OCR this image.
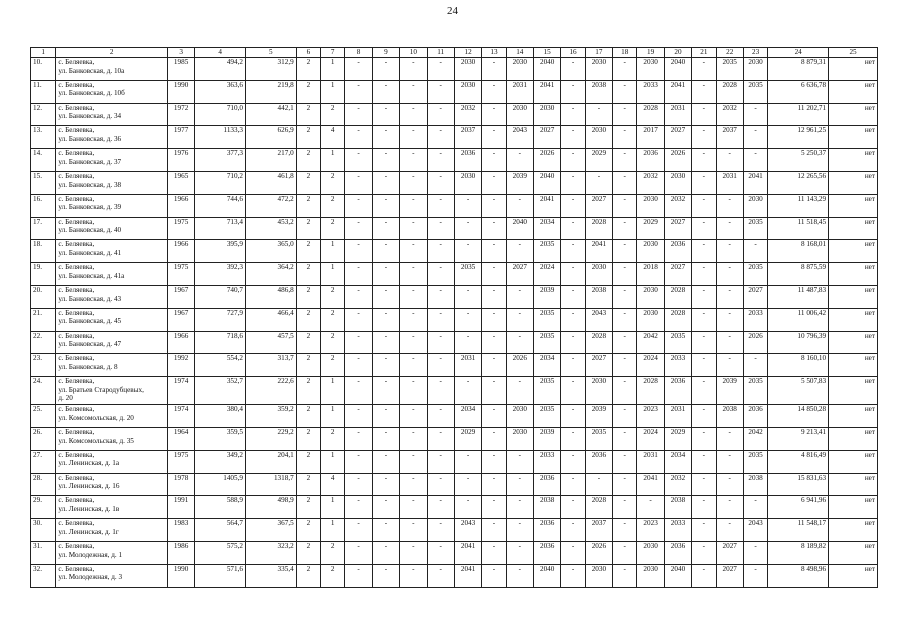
24
1	2	3	4	5	6	7	8	9	10	11	12	13	14	15	16	17	18	19	20	21	22	23	24	25
10.	с. Беляевка,
ул. Банковская, д. 10а	1985	494,2	312,9	2	1	-	-	-	-	2030	-	2030	2040	-	2030	-	2030	2040	-	2035	2030	8 879,31	нет
11.	с. Беляевка,
ул. Банковская, д. 10б	1990	363,6	219,8	2	1	-	-	-	-	2030	-	2031	2041	-	2038	-	2033	2041	-	2028	2035	6 636,78	нет
12.	с. Беляевка,
ул. Банковская, д. 34	1972	710,0	442,1	2	2	-	-	-	-	2032	-	2030	2030	-	-	-	2028	2031	-	2032	-	11 202,71	нет
13.	с. Беляевка,
ул. Банковская, д. 36	1977	1133,3	626,9	2	4	-	-	-	-	2037	-	2043	2027	-	2030	-	2017	2027	-	2037	-	12 961,25	нет
14.	с. Беляевка,
ул. Банковская, д. 37	1976	377,3	217,0	2	1	-	-	-	-	2036	-	-	2026	-	2029	-	2036	2026	-	-	-	5 250,37	нет
15.	с. Беляевка,
ул. Банковская, д. 38	1965	710,2	461,8	2	2	-	-	-	-	2030	-	2039	2040	-	-	-	2032	2030	-	2031	2041	12 265,56	нет
16.	с. Беляевка,
ул. Банковская, д. 39	1966	744,6	472,2	2	2	-	-	-	-	-	-	-	2041	-	2027	-	2030	2032	-	-	2030	11 143,29	нет
17.	с. Беляевка,
ул. Банковская, д. 40	1975	713,4	453,2	2	2	-	-	-	-	-	-	2040	2034	-	2028	-	2029	2027	-	-	2035	11 518,45	нет
18.	с. Беляевка,
ул. Банковская, д. 41	1966	395,9	365,0	2	1	-	-	-	-	-	-	-	2035	-	2041	-	2030	2036	-	-	-	8 168,01	нет
19.	с. Беляевка,
ул. Банковская, д. 41а	1975	392,3	364,2	2	1	-	-	-	-	2035	-	2027	2024	-	2030	-	2018	2027	-	-	2035	8 875,59	нет
20.	с. Беляевка,
ул. Банковская, д. 43	1967	740,7	486,8	2	2	-	-	-	-	-	-	-	2039	-	2038	-	2030	2028	-	-	2027	11 487,83	нет
21.	с. Беляевка,
ул. Банковская, д. 45	1967	727,9	466,4	2	2	-	-	-	-	-	-	-	2035	-	2043	-	2030	2028	-	-	2033	11 006,42	нет
22.	с. Беляевка,
ул. Банковская, д. 47	1966	718,6	457,5	2	2	-	-	-	-	-	-	-	2035	-	2028	-	2042	2035	-	-	2026	10 796,39	нет
23.	с. Беляевка,
ул. Банковская, д. 8	1992	554,2	313,7	2	2	-	-	-	-	2031	-	2026	2034	-	2027	-	2024	2033	-	-	-	8 160,10	нет
24.	с. Беляевка,
ул. Братьев Стародубцевых,
д. 20	1974	352,7	222,6	2	1	-	-	-	-	-	-	-	2035	-	2030	-	2028	2036	-	2039	2035	5 507,83	нет
25.	с. Беляевка,
ул. Комсомольская, д. 20	1974	380,4	359,2	2	1	-	-	-	-	2034	-	2030	2035	-	2039	-	2023	2031	-	2038	2036	14 850,28	нет
26.	с. Беляевка,
ул. Комсомольская, д. 35	1964	359,5	229,2	2	2	-	-	-	-	2029	-	2030	2039	-	2035	-	2024	2029	-	-	2042	9 213,41	нет
27.	с. Беляевка,
ул. Ленинская, д. 1а	1975	349,2	204,1	2	1	-	-	-	-	-	-	-	2033	-	2036	-	2031	2034	-	-	2035	4 816,49	нет
28.	с. Беляевка,
ул. Ленинская, д. 16	1978	1405,9	1318,7	2	4	-	-	-	-	-	-	-	2036	-	-	-	2041	2032	-	-	2038	15 831,63	нет
29.	с. Беляевка,
ул. Ленинская, д. 1в	1991	588,9	498,9	2	1	-	-	-	-	-	-	-	2038	-	2028	-	-	2038	-	-	-	6 941,96	нет
30.	с. Беляевка,
ул. Ленинская, д. 1г	1983	564,7	367,5	2	1	-	-	-	-	2043	-	-	2036	-	2037	-	2023	2033	-	-	2043	11 548,17	нет
31.	с. Беляевка,
ул. Молодежная, д. 1	1986	575,2	323,2	2	2	-	-	-	-	2041	-	-	2036	-	2026	-	2030	2036	-	2027	-	8 189,82	нет
32.	с. Беляевка,
ул. Молодежная, д. 3	1990	571,6	335,4	2	2	-	-	-	-	2041	-	-	2040	-	2030	-	2030	2040	-	2027	-	8 498,96	нет
